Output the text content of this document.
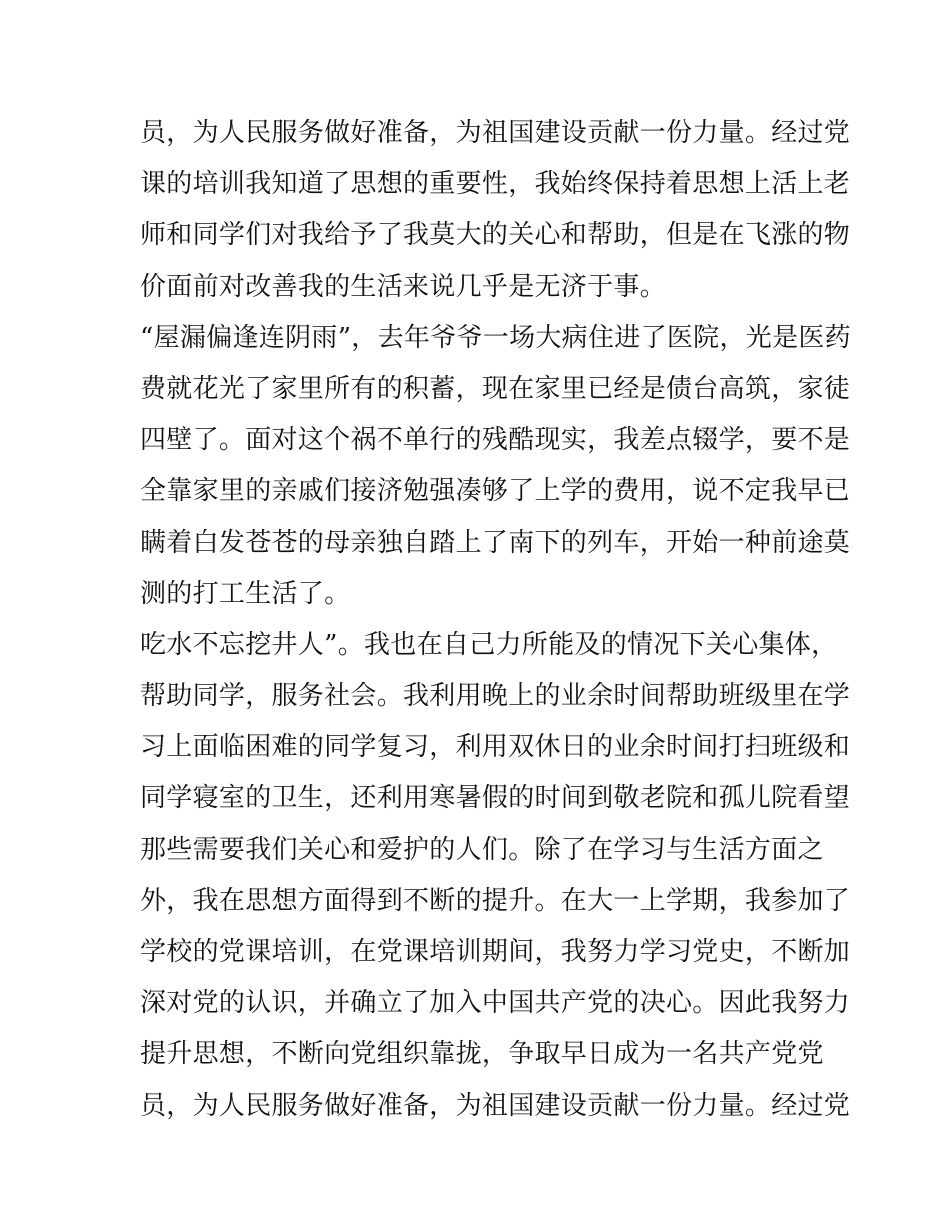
员，为人民服务做好准备，为祖国建设贡献一份力量。经过党
课的培训我知道了思想的重要性，我始终保持着思想上活上老
师和同学们对我给予了我莫大的关心和帮助，但是在飞涨的物
价面前对改善我的生活来说几乎是无济于事。
“屋漏偏逢连阴雨”，去年爷爷一场大病住进了医院，光是医药
费就花光了家里所有的积蓄，现在家里已经是债台高筑，家徒
四壁了。面对这个祸不单行的残酷现实，我差点辍学，要不是
全靠家里的亲戚们接济勉强凑够了上学的费用，说不定我早已
瞒着白发苍苍的母亲独自踏上了南下的列车，开始一种前途莫
测的打工生活了。
吃水不忘挖井人”。我也在自己力所能及的情况下关心集体，
帮助同学，服务社会。我利用晚上的业余时间帮助班级里在学
习上面临困难的同学复习，利用双休日的业余时间打扫班级和
同学寝室的卫生，还利用寒暑假的时间到敬老院和孤儿院看望
那些需要我们关心和爱护的人们。除了在学习与生活方面之
外，我在思想方面得到不断的提升。在大一上学期，我参加了
学校的党课培训，在党课培训期间，我努力学习党史，不断加
深对党的认识，并确立了加入中国共产党的决心。因此我努力
提升思想，不断向党组织靠拢，争取早日成为一名共产党党
员，为人民服务做好准备，为祖国建设贡献一份力量。经过党
